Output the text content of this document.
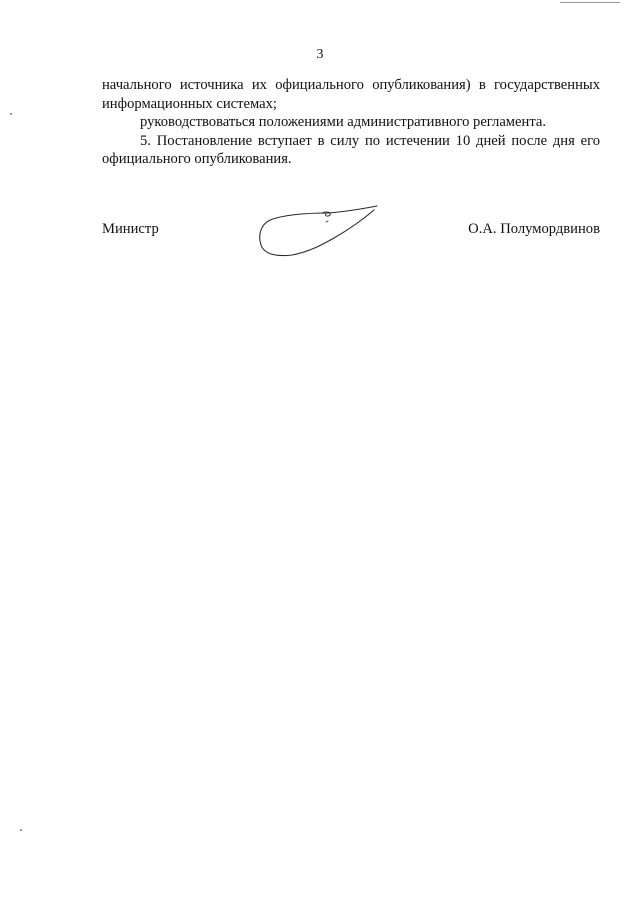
3

начального источника их официального опубликования) в государственных
информационных системах;

руководствоваться положениями административного регламента.

5. Постановление вступает в силу по истечении 10 дней после дня его
официального опубликования.

Министр	О.А. Полумордвинов
